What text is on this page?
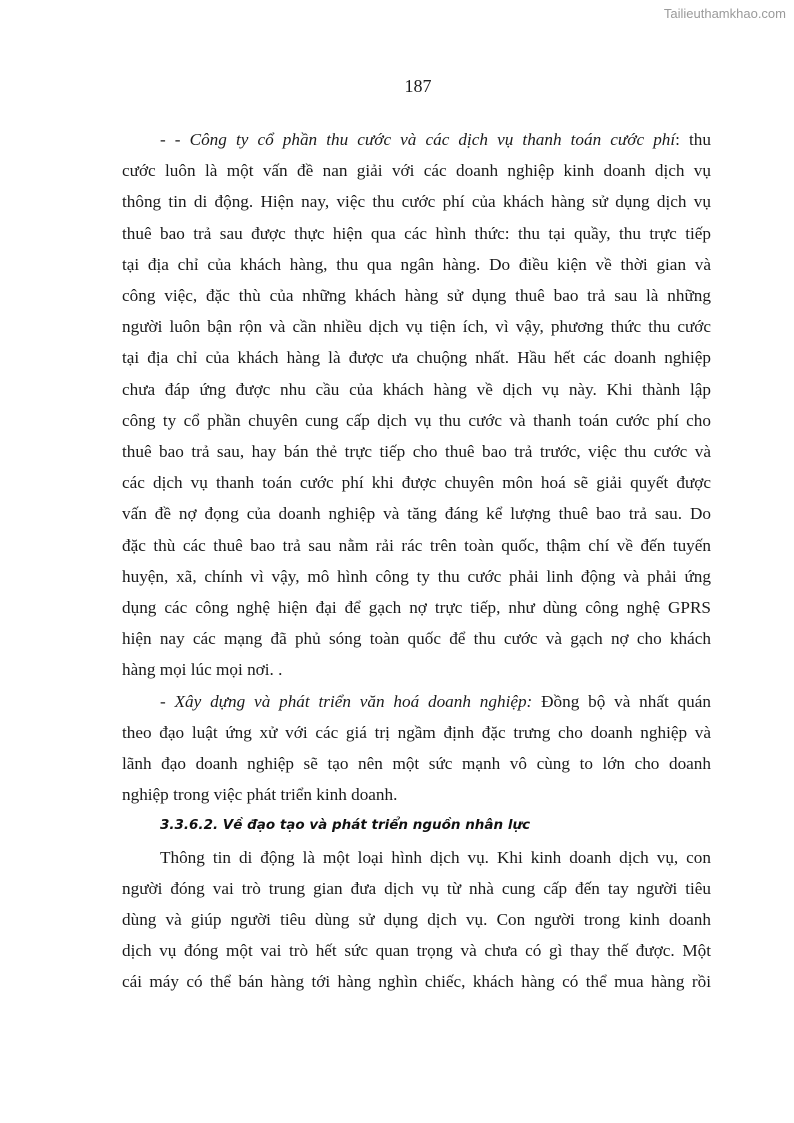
Tailieuthamkhao.com
187
- - Công ty cổ phần thu cước và các dịch vụ thanh toán cước phí: thu
cước luôn là một vấn đề nan giải với các doanh nghiệp kinh doanh dịch vụ
thông tin di động. Hiện nay, việc thu cước phí của khách hàng sử dụng dịch vụ
thuê bao trả sau được thực hiện qua các hình thức: thu tại quầy, thu trực tiếp
tại địa chỉ của khách hàng, thu qua ngân hàng. Do điều kiện về thời gian và
công việc, đặc thù của những khách hàng sử dụng thuê bao trả sau là những
người luôn bận rộn và cần nhiều dịch vụ tiện ích, vì vậy, phương thức thu cước
tại địa chỉ của khách hàng là được ưa chuộng nhất. Hầu hết các doanh nghiệp
chưa đáp ứng được nhu cầu của khách hàng về dịch vụ này. Khi thành lập
công ty cổ phần chuyên cung cấp dịch vụ thu cước và thanh toán cước phí cho
thuê bao trả sau, hay bán thẻ trực tiếp cho thuê bao trả trước, việc thu cước và
các dịch vụ thanh toán cước phí khi được chuyên môn hoá sẽ giải quyết được
vấn đề nợ đọng của doanh nghiệp và tăng đáng kể lượng thuê bao trả sau. Do
đặc thù các thuê bao trả sau nằm rải rác trên toàn quốc, thậm chí về đến tuyến
huyện, xã, chính vì vậy, mô hình công ty thu cước phải linh động và phải ứng
dụng các công nghệ hiện đại để gạch nợ trực tiếp, như dùng công nghệ GPRS
hiện nay các mạng đã phủ sóng toàn quốc để thu cước và gạch nợ cho khách
hàng mọi lúc mọi nơi. .
- Xây dựng và phát triển văn hoá doanh nghiệp: Đồng bộ và nhất quán
theo đạo luật ứng xử với các giá trị ngầm định đặc trưng cho doanh nghiệp và
lãnh đạo doanh nghiệp sẽ tạo nên một sức mạnh vô cùng to lớn cho doanh
nghiệp trong việc phát triển kinh doanh.
3.3.6.2. Về đạo tạo và phát triển nguồn nhân lực
Thông tin di động là một loại hình dịch vụ. Khi kinh doanh dịch vụ, con
người đóng vai trò trung gian đưa dịch vụ từ nhà cung cấp đến tay người tiêu
dùng và giúp người tiêu dùng sử dụng dịch vụ. Con người trong kinh doanh
dịch vụ đóng một vai trò hết sức quan trọng và chưa có gì thay thế được. Một
cái máy có thể bán hàng tới hàng nghìn chiếc, khách hàng có thể mua hàng rồi
